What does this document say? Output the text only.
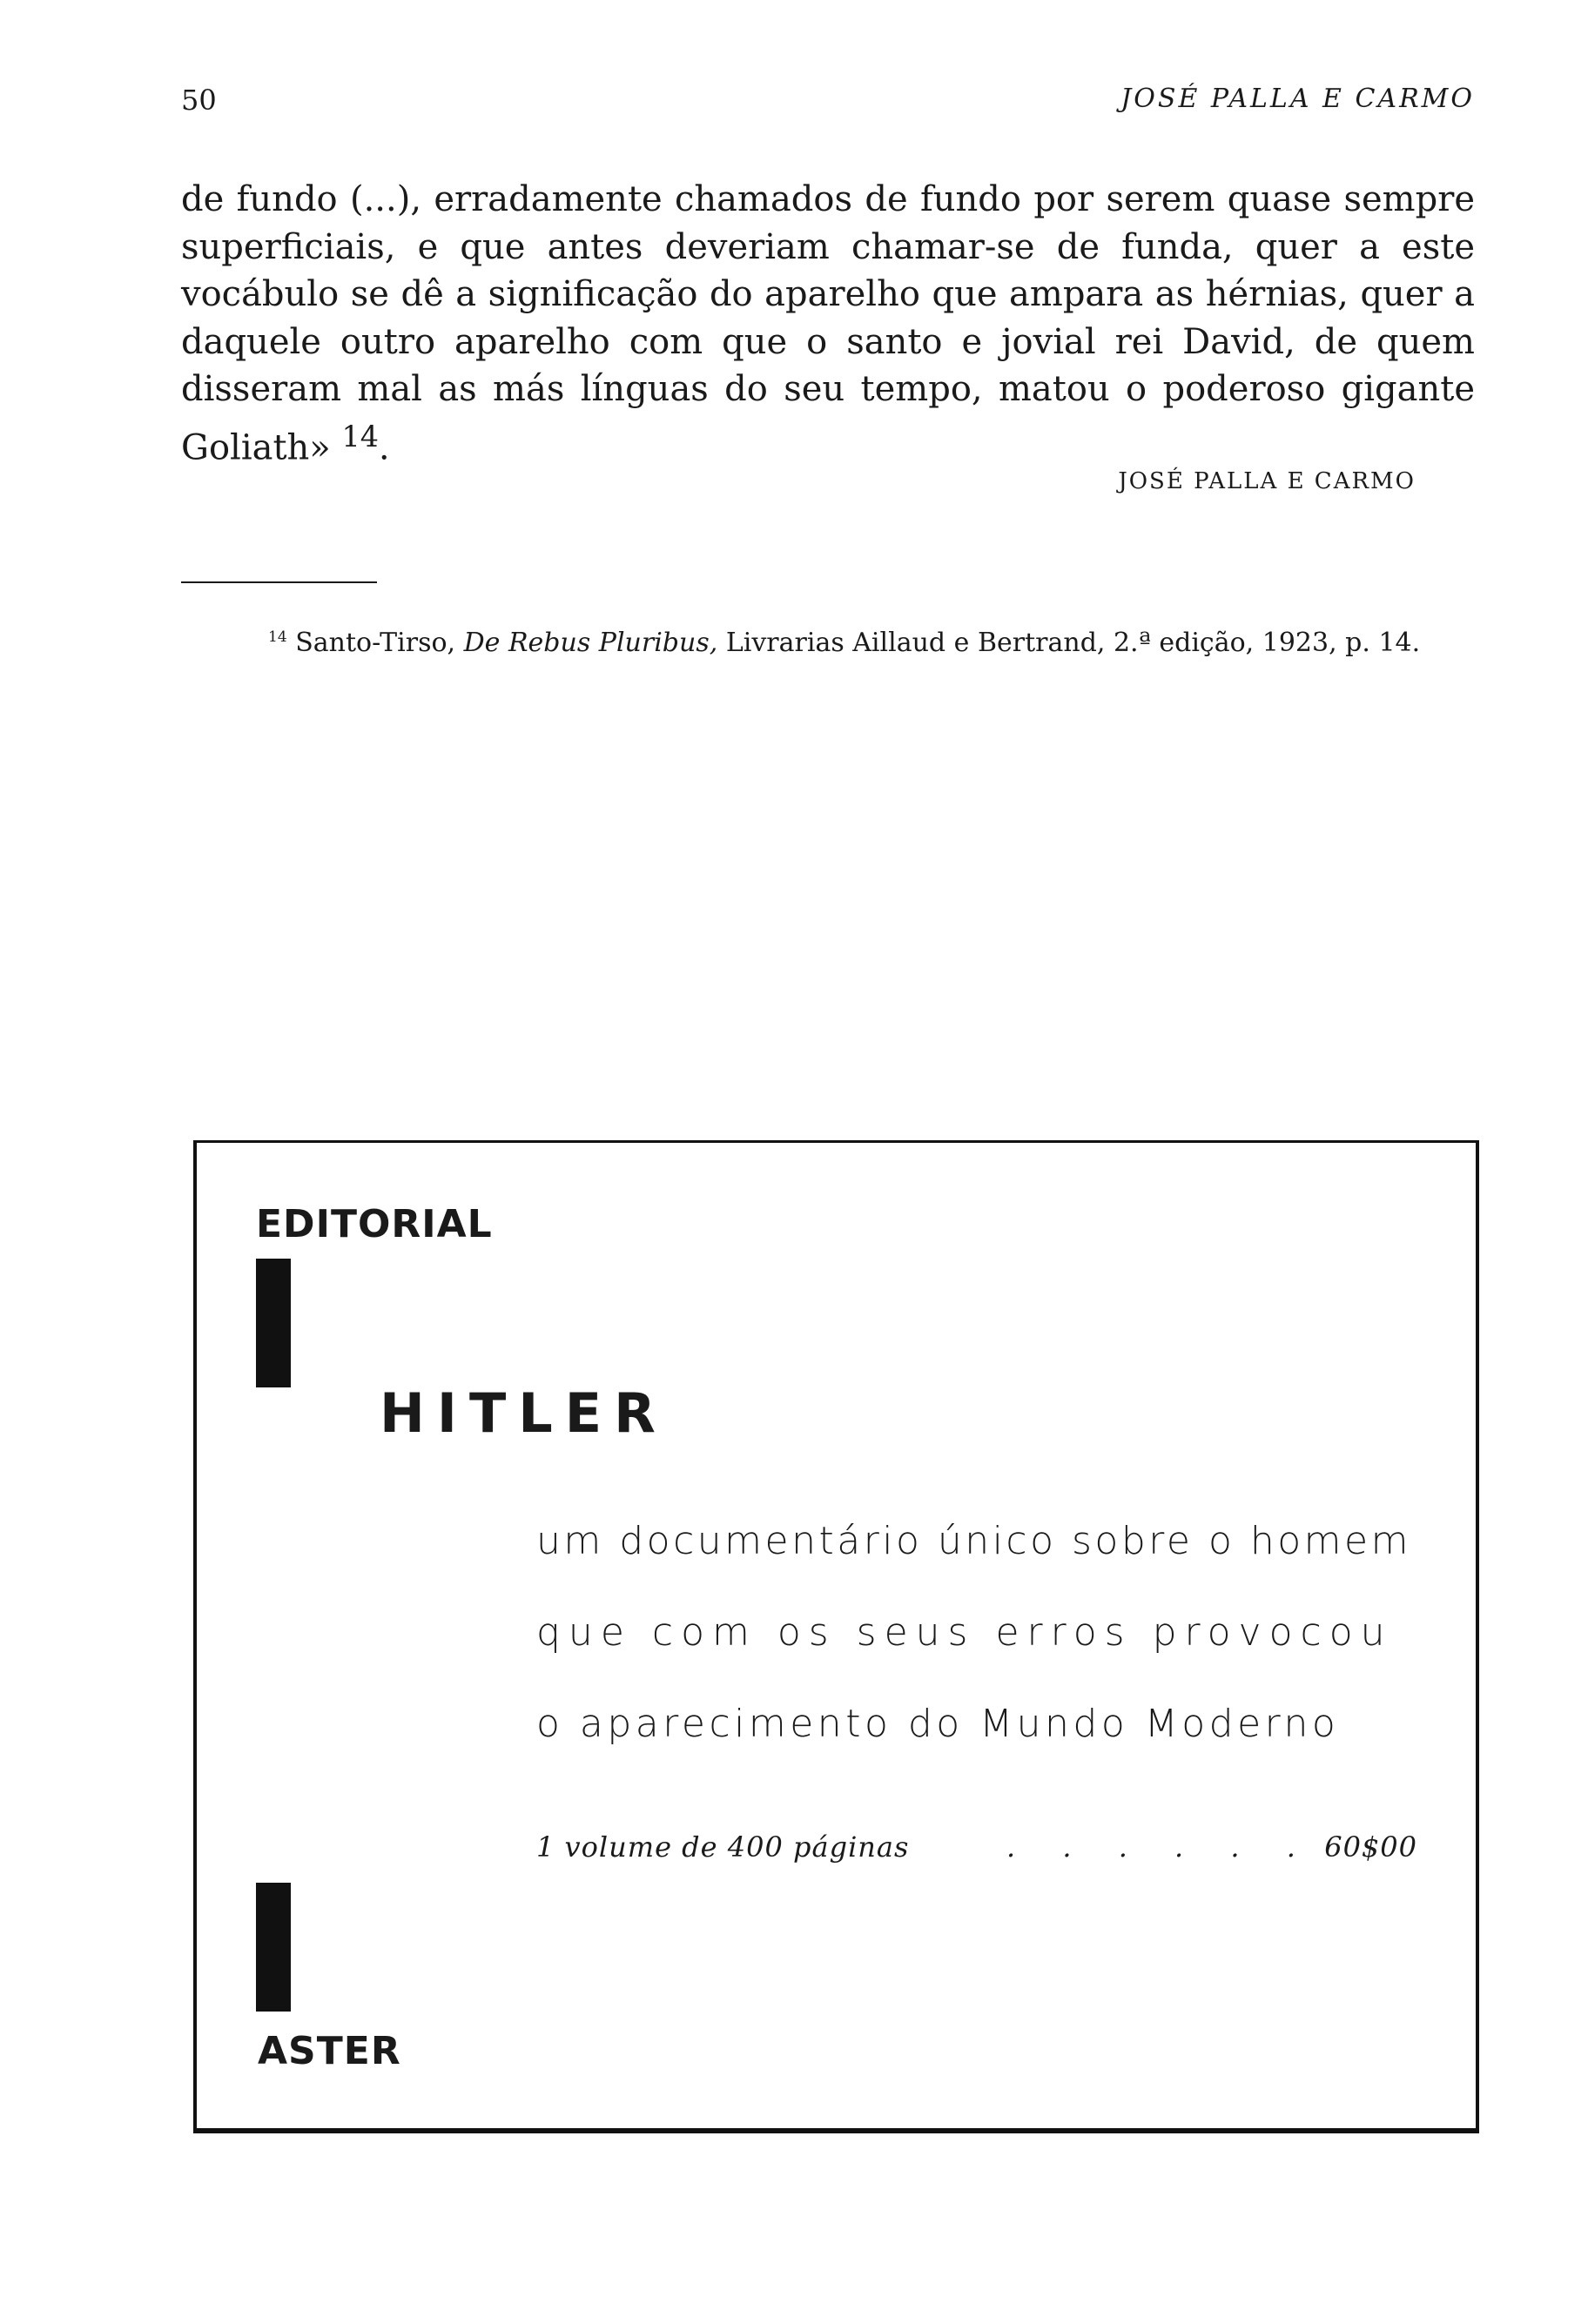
50	JOSÉ PALLA E CARMO

de fundo (...), erradamente chamados de fundo por serem quase sempre superficiais, e que antes deveriam chamar-se de funda, quer a este vocábulo se dê a significação do aparelho que ampara as hérnias, quer a daquele outro aparelho com que o santo e jovial rei David, de quem disseram mal as más línguas do seu tempo, matou o poderoso gigante Goliath» $^{14}$.

JOSÉ PALLA E CARMO

$^{14}$ Santo-Tirso, De Rebus Pluribus, Livrarias Aillaud e Bertrand, 2.ª edição, 1923, p. 14.

EDITORIAL
HITLER
um documentário único sobre o homem
que com os seus erros provocou
o aparecimento do Mundo Moderno
1 volume de 400 páginas	. . . . . . 60$00
ASTER
